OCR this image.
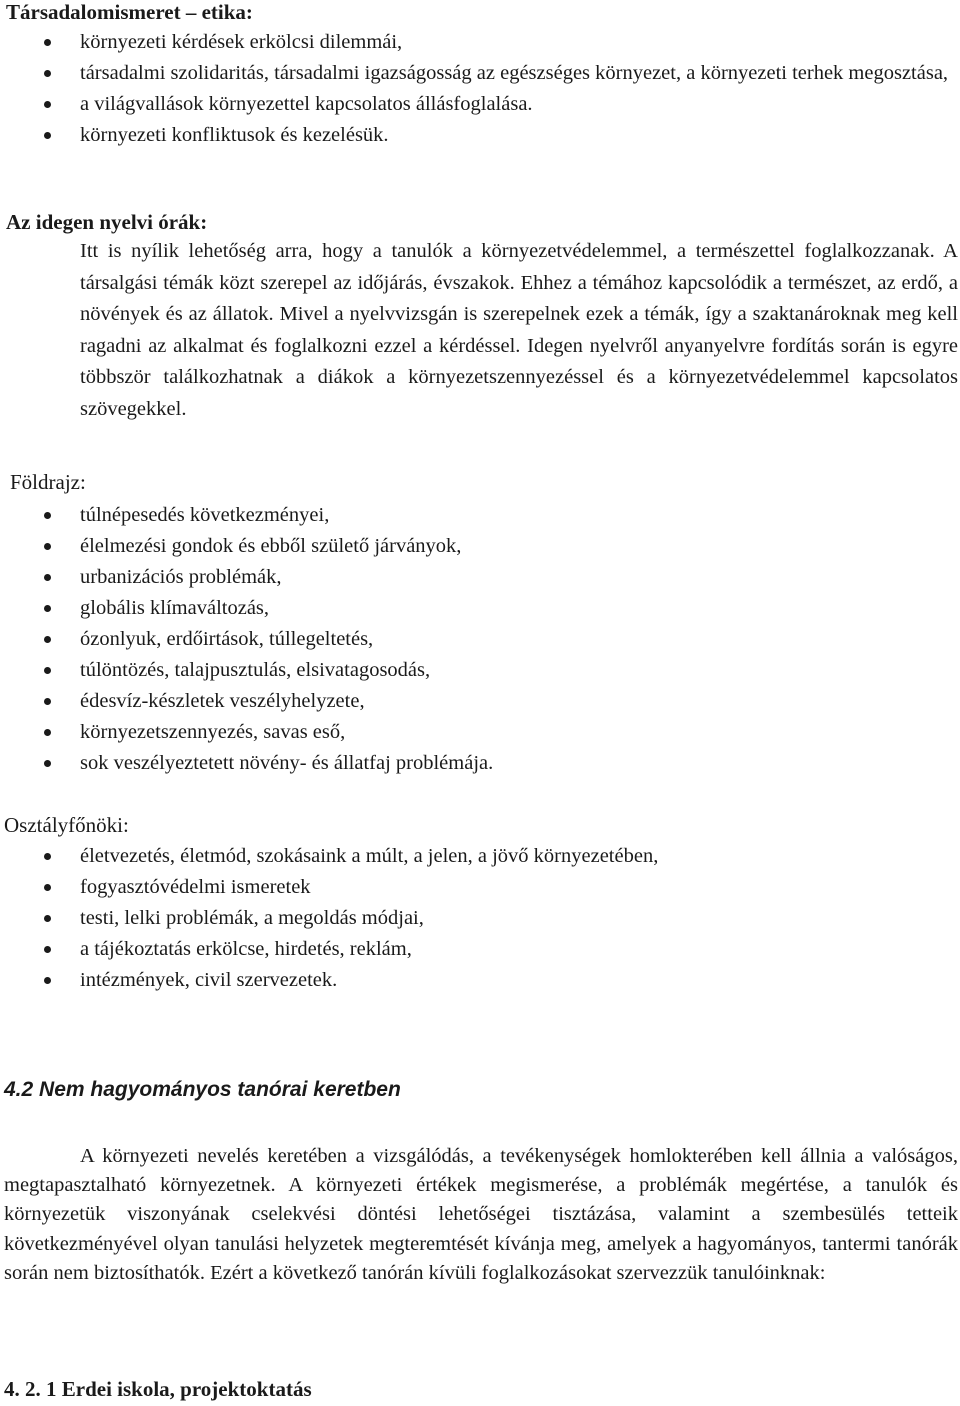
Társadalomismeret – etika:
környezeti kérdések erkölcsi dilemmái,
társadalmi szolidaritás, társadalmi igazságosság az egészséges környezet, a környezeti terhek megosztása,
a világvallások környezettel kapcsolatos állásfoglalása.
környezeti konfliktusok és kezelésük.
Az idegen nyelvi órák:
Itt is nyílik lehetőség arra, hogy a tanulók a környezetvédelemmel, a természettel foglalkozzanak. A társalgási témák közt szerepel az időjárás, évszakok. Ehhez a témához kapcsolódik a természet, az erdő, a növények és az állatok. Mivel a nyelvvizsgán is szerepelnek ezek a témák, így a szaktanároknak meg kell ragadni az alkalmat és foglalkozni ezzel a kérdéssel. Idegen nyelvről anyanyelvre fordítás során is egyre többször találkozhatnak a diákok a környezetszennyezéssel és a környezetvédelemmel kapcsolatos szövegekkel.
Földrajz:
túlnépesedés következményei,
élelmezési gondok és ebből születő járványok,
urbanizációs problémák,
globális klímaváltozás,
ózonlyuk, erdőirtások, túllegeltetés,
túlöntözés, talajpusztulás, elsivatagosodás,
édesvíz-készletek veszélyhelyzete,
környezetszennyezés, savas eső,
sok veszélyeztetett növény- és állatfaj problémája.
Osztályfőnöki:
életvezetés, életmód, szokásaink a múlt, a jelen, a jövő környezetében,
fogyasztóvédelmi ismeretek
testi, lelki problémák, a megoldás módjai,
a tájékoztatás erkölcse, hirdetés, reklám,
intézmények, civil szervezetek.
4.2 Nem hagyományos tanórai keretben
A környezeti nevelés keretében a vizsgálódás, a tevékenységek homlokterében kell állnia a valóságos, megtapasztalható környezetnek. A környezeti értékek megismerése, a problémák megértése, a tanulók és környezetük viszonyának cselekvési döntési lehetőségei tisztázása, valamint a szembesülés tetteik következményével olyan tanulási helyzetek megteremtését kívánja meg, amelyek a hagyományos, tantermi tanórák során nem biztosíthatók. Ezért a következő tanórán kívüli foglalkozásokat szervezzük tanulóinknak:
4. 2. 1 Erdei iskola, projektoktatás
